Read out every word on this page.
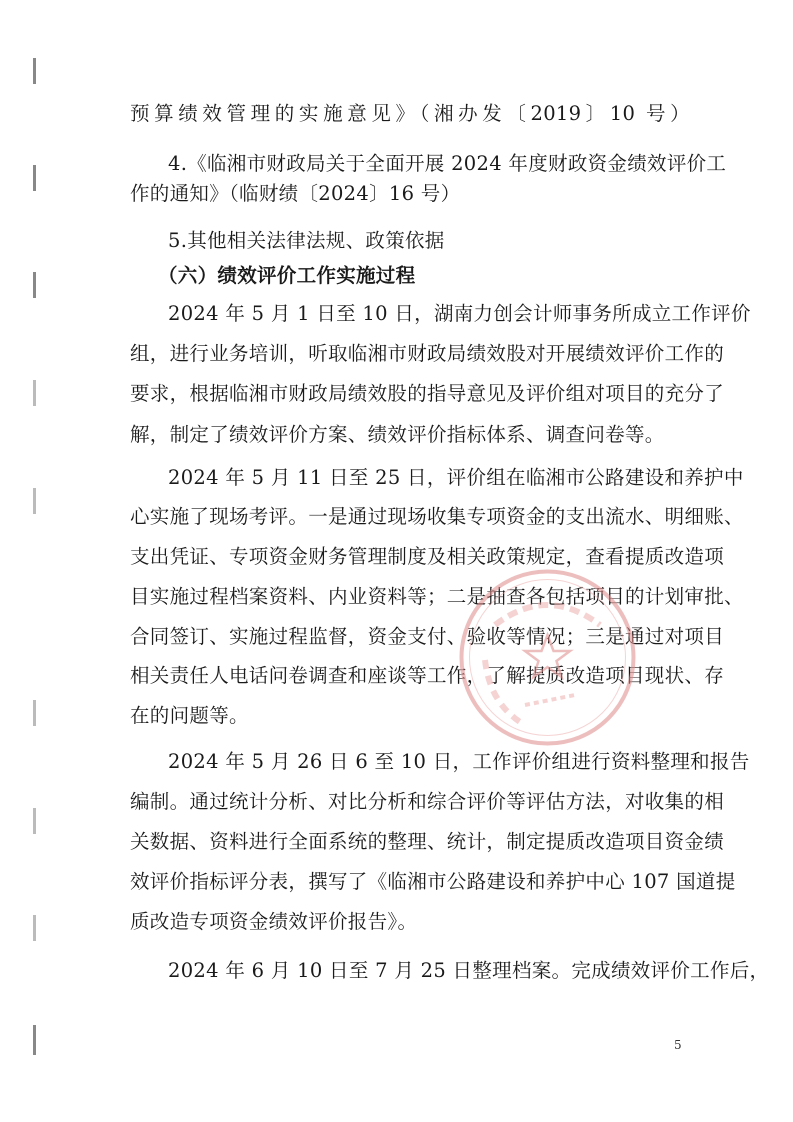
预算绩效管理的实施意见》（湘办发〔2019〕10 号）
4.《临湘市财政局关于全面开展 2024 年度财政资金绩效评价工
作的通知》（临财绩〔2024〕16 号）
5.其他相关法律法规、政策依据
（六）绩效评价工作实施过程
2024 年 5 月 1 日至 10 日，湖南力创会计师事务所成立工作评价
组，进行业务培训，听取临湘市财政局绩效股对开展绩效评价工作的
要求，根据临湘市财政局绩效股的指导意见及评价组对项目的充分了
解，制定了绩效评价方案、绩效评价指标体系、调查问卷等。
2024 年 5 月 11 日至 25 日，评价组在临湘市公路建设和养护中
心实施了现场考评。一是通过现场收集专项资金的支出流水、明细账、
支出凭证、专项资金财务管理制度及相关政策规定，查看提质改造项
目实施过程档案资料、内业资料等；二是抽查各包括项目的计划审批、
合同签订、实施过程监督，资金支付、验收等情况；三是通过对项目
相关责任人电话问卷调查和座谈等工作，了解提质改造项目现状、存
在的问题等。
2024 年 5 月 26 日 6 至 10 日，工作评价组进行资料整理和报告
编制。通过统计分析、对比分析和综合评价等评估方法，对收集的相
关数据、资料进行全面系统的整理、统计，制定提质改造项目资金绩
效评价指标评分表，撰写了《临湘市公路建设和养护中心 107 国道提
质改造专项资金绩效评价报告》。
2024 年 6 月 10 日至 7 月 25 日整理档案。完成绩效评价工作后，
5
